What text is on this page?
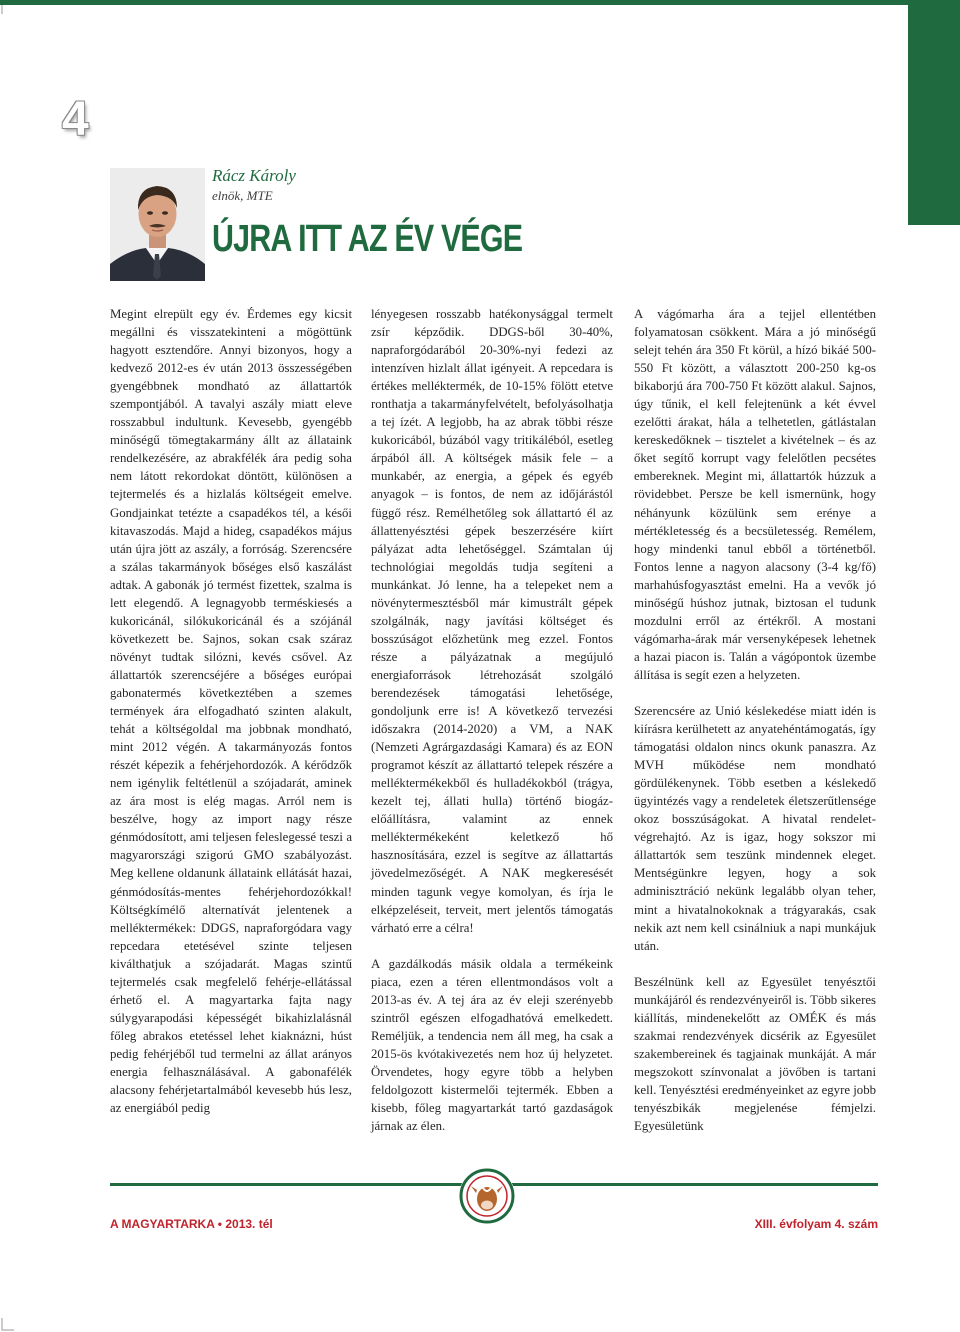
4
Rácz Károly
elnök, MTE
ÚJRA ITT AZ ÉV VÉGE

Megint elrepült egy év. Érdemes egy kicsit megállni és visszatekinteni a mögöttünk hagyott esztendőre. Annyi bizonyos, hogy a kedvező 2012-es év után 2013 összességében gyengébbnek mondható az állattartók szempontjából. A tavalyi aszály miatt eleve rosszabbul indultunk. Kevesebb, gyengébb minőségű tömegtakarmány állt az állataink rendelkezésére, az abrakfélék ára pedig soha nem látott rekordokat döntött, különösen a tejtermelés és a hizlalás költségeit emelve. Gondjainkat tetézte a csapadékos tél, a késői kitavaszodás. Majd a hideg, csapadékos május után újra jött az aszály, a forróság. Szerencsére a szálas takarmányok bőséges első kaszálást adtak. A gabonák jó termést fizettek, szalma is lett elegendő. A legnagyobb terméskiesés a kukoricánál, silókukoricánál és a szójánál következett be. Sajnos, sokan csak száraz növényt tudtak silózni, kevés csővel. Az állattartók szerencséjére a bőséges európai gabonatermés következtében a szemes termények ára elfogadható szinten alakult, tehát a költségoldal ma jobbnak mondható, mint 2012 végén. A takarmányozás fontos részét képezik a fehérjehordozók. A kérődzők nem igénylik feltétlenül a szójadarát, aminek az ára most is elég magas. Arról nem is beszélve, hogy az import nagy része génmódosított, ami teljesen feleslegessé teszi a magyarországi szigorú GMO szabályozást. Meg kellene oldanunk állataink ellátását hazai, génmódosítás-mentes fehérjehordozókkal! Költségkímélő alternatívát jelentenek a melléktermékek: DDGS, napraforgódara vagy repcedara etetésével szinte teljesen kiválthatjuk a szójadarát. Magas szintű tejtermelés csak megfelelő fehérje-ellátással érhető el. A magyartarka fajta nagy súlygyarapodási képességét bikahizlalásnál főleg abrakos etetéssel lehet kiaknázni, húst pedig fehérjéből tud termelni az állat arányos energia felhasználásával. A gabonafélék alacsony fehérjetartalmából kevesebb hús lesz, az energiából pedig

lényegesen rosszabb hatékonysággal termelt zsír képződik. DDGS-ből 30-40%, napraforgódarából 20-30%-nyi fedezi az intenzíven hizlalt állat igényeit. A repcedara is értékes melléktermék, de 10-15% fölött etetve ronthatja a takarmányfelvételt, befolyásolhatja a tej ízét. A legjobb, ha az abrak többi része kukoricából, búzából vagy tritikáléból, esetleg árpából áll. A költségek másik fele – a munkabér, az energia, a gépek és egyéb anyagok – is fontos, de nem az időjárástól függő rész. Remélhetőleg sok állattartó él az állattenyésztési gépek beszerzésére kiírt pályázat adta lehetőséggel. Számtalan új technológiai megoldás tudja segíteni a munkánkat. Jó lenne, ha a telepeket nem a növénytermesztésből már kimustrált gépek szolgálnák, nagy javítási költséget és bosszúságot előzhetünk meg ezzel. Fontos része a pályázatnak a megújuló energiaforrások létrehozását szolgáló berendezések támogatási lehetősége, gondoljunk erre is! A következő tervezési időszakra (2014-2020) a VM, a NAK (Nemzeti Agrárgazdasági Kamara) és az EON programot készít az állattartó telepek részére a melléktermékekből és hulladékokból (trágya, kezelt tej, állati hulla) történő biogáz-előállításra, valamint az ennek melléktermékeként keletkező hő hasznosítására, ezzel is segítve az állattartás jövedelmezőségét. A NAK megkeresését minden tagunk vegye komolyan, és írja le elképzeléseit, terveit, mert jelentős támogatás várható erre a célra!

A gazdálkodás másik oldala a termékeink piaca, ezen a téren ellentmondásos volt a 2013-as év. A tej ára az év eleji szerényebb szintről egészen elfogadhatóvá emelkedett. Reméljük, a tendencia nem áll meg, ha csak a 2015-ös kvótakivezetés nem hoz új helyzetet. Örvendetes, hogy egyre több a helyben feldolgozott kistermelői tejtermék. Ebben a kisebb, főleg magyartarkát tartó gazdaságok járnak az élen.

A vágómarha ára a tejjel ellentétben folyamatosan csökkent. Mára a jó minőségű selejt tehén ára 350 Ft körül, a hízó bikáé 500-550 Ft között, a választott 200-250 kg-os bikaborjú ára 700-750 Ft között alakul. Sajnos, úgy tűnik, el kell felejtenünk a két évvel ezelőtti árakat, hála a telhetetlen, gátlástalan kereskedőknek – tisztelet a kivételnek – és az őket segítő korrupt vagy felelőtlen pecsétes embereknek. Megint mi, állattartók húzzuk a rövidebbet. Persze be kell ismernünk, hogy néhányunk közülünk sem erénye a mértékletesség és a becsületesség. Remélem, hogy mindenki tanul ebből a történetből. Fontos lenne a nagyon alacsony (3-4 kg/fő) marhahúsfogyasztást emelni. Ha a vevők jó minőségű húshoz jutnak, biztosan el tudunk mozdulni erről az értékről. A mostani vágómarha-árak már versenyképesek lehetnek a hazai piacon is. Talán a vágópontok üzembe állítása is segít ezen a helyzeten.

Szerencsére az Unió késlekedése miatt idén is kiírásra kerülhetett az anyatehéntámogatás, így támogatási oldalon nincs okunk panaszra. Az MVH működése nem mondható gördülékenynek. Több esetben a késlekedő ügyintézés vagy a rendeletek életszerűtlensége okoz bosszúságokat. A hivatal rendelet-végrehajtó. Az is igaz, hogy sokszor mi állattartók sem teszünk mindennek eleget. Mentségünkre legyen, hogy a sok adminisztráció nekünk legalább olyan teher, mint a hivatalnokoknak a trágyarakás, csak nekik azt nem kell csinálniuk a napi munkájuk után.

Beszélnünk kell az Egyesület tenyésztői munkájáról és rendezvényeiről is. Több sikeres kiállítás, mindenekelőtt az OMÉK és más szakmai rendezvények dicsérik az Egyesület szakembereinek és tagjainak munkáját. A már megszokott színvonalat a jövőben is tartani kell. Tenyésztési eredményeinket az egyre jobb tenyészbikák megjelenése fémjelzi. Egyesületünk

A MAGYARTARKA • 2013. tél	XIII. évfolyam 4. szám
